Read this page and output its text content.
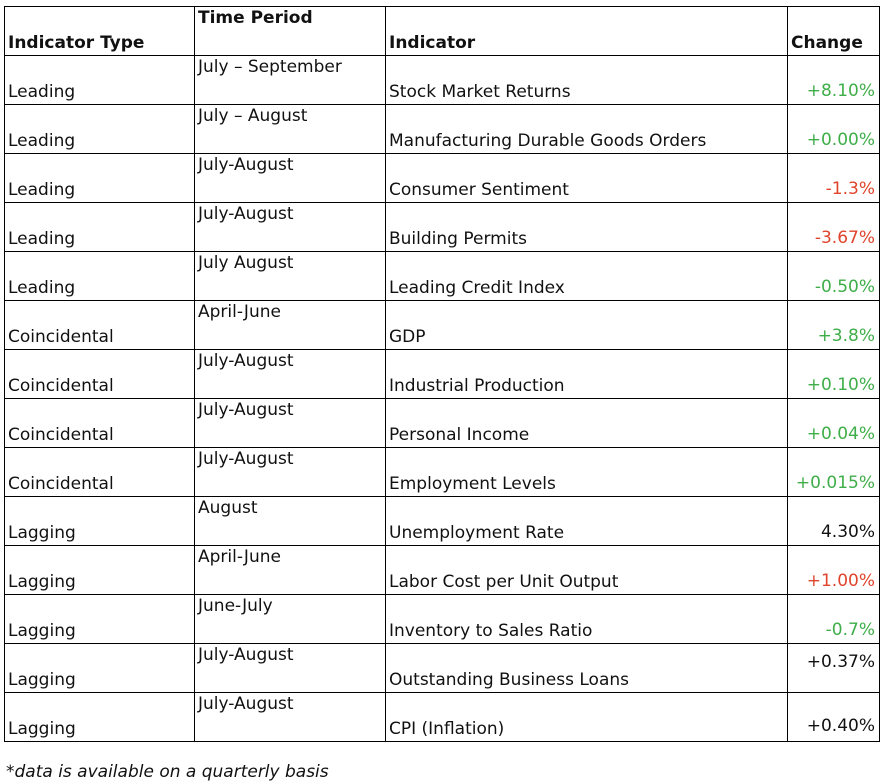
Indicator Type	Time Period	Indicator	Change

Leading	July – September	Stock Market Returns	+8.10%

Leading	July – August	Manufacturing Durable Goods Orders	+0.00%

Leading	July-August	Consumer Sentiment	-1.3%

Leading	July-August	Building Permits	-3.67%

Leading	July August	Leading Credit Index	-0.50%

Coincidental	April-June	GDP	+3.8%

Coincidental	July-August	Industrial Production	+0.10%

Coincidental	July-August	Personal Income	+0.04%

Coincidental	July-August	Employment Levels	+0.015%

Lagging	August	Unemployment Rate	4.30%

Lagging	April-June	Labor Cost per Unit Output	+1.00%

Lagging	June-July	Inventory to Sales Ratio	-0.7%

Lagging	July-August	Outstanding Business Loans	+0.37%

Lagging	July-August	CPI (Inflation)	+0.40%
*data is available on a quarterly basis
